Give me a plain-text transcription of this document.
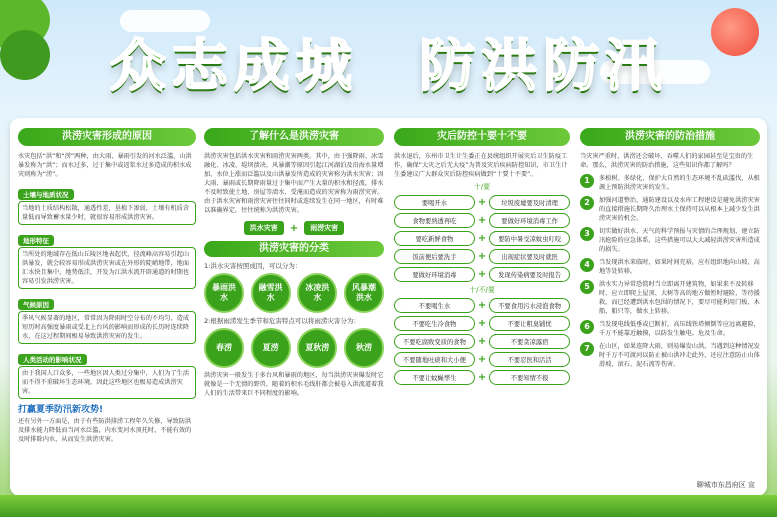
众志成城 防洪防汛
洪涝灾害形成的原因
水灾包括“洪”和“涝”两种，由大雨、暴雨引发的河水泛滥、山洪暴发称为“洪”；而水过多，过于集中或返浆水过多造成的积水成灾则称为“涝”。
土壤与地质状况
当地的土质结构松散，通透性差，垦植下渗弱，土壤有机质含量低而导致蓄水量少时，就很容易形成洪涝灾害。
地形特征
当所处的地域存在低山丘陵区地表起伏，径流峰高容易引起山洪暴发，就会较容易形成洪涝灾害或在外形的陡峭地带，地面汇水快且集中，地势低洼，开发为江洪水流开辟通道的时期也容易引发洪涝灾害。
气候原因
季风气候显著的地区，常常因为降雨时空分布的不均匀，造成短历时高强度暴雨或受北上台风的影响而形成的长历时连续降水，在这过程期间极易导致洪涝灾害的发生。
人类活动的影响状况
由于我国人口众多，一些地区因人类过分集中，人们为了生活而不得不重破坏生态环境，因此这些地区也极易造成洪涝灾害。
打赢夏季防汛新攻势!
还有另外一方面是，由于有些防洪排涝工程年久失修，导致防洪及排水能力降低而当河水泛滥，内水变河水顶托时，不能有效的及时排除内水，从而发生洪涝灾害。
了解什么是洪涝灾害
洪涝灾害包括洪水灾害和雨涝灾害两类。其中，由于强降雨、冰雪融化、冰凌、堤坝溃决、风暴潮等原因引起江河湖泊及沿海水量增加、水位上涨而泛滥以及山洪暴发所造成的灾害称为洪水灾害；因大雨、暴雨或长期降雨量过于集中而产生大量的积水和径流，排水不及时致使土地、房屋等渍水、受淹而造成的灾害称为雨涝灾害。由于洪水灾害和雨涝灾害往往同时或连续发生在同一地区，有时难以准确界定，往往统称为洪涝灾害。
洪水灾害	+	雨涝灾害
洪涝灾害的分类
1:洪水灾害按照成因，可以分为：
暴雨洪水
融雪洪水
冰凌洪水
风暴潮洪水
2:根据雨涝发生季节和危害特点可以将雨涝灾害分为：
春涝	夏涝	夏秋涝	秋涝
洪涝灾害一般发生于多台风和暴雨的地区，每当洪涝灾害爆发时它就像是一个无情的野兽，随着的积水毛线肝都会被卷入洪流道着我人们的生活带来巨不同程度的影响。
灾后防控十要十不要
洪水退后，东州市卫生计生委正在县统组织开展灾后卫生防疫工作，确保“大灾之后无大疫”为普及灾后疾病防控知识，市卫生计生委建议广大群众灾后防控疾病做到“十要十不要”。
十/要
要喝开水	+	垃圾废墟要及时清理
食物要熟透再吃	+	要做好环境消毒工作
要吃新鲜食物	+	要防中暑受凉蚊虫叮咬
饭前便后要洗手	+	出现症状要及时就医
要做好环境消毒	+	发现传染病要及时报告
十/不/要
不要喝生水	+	不要食用污水浸泡食物
不要吃生冷食物	+	不要让粗臭铺忧
不要吃腐败变质的食物	+	不要贪凉露宿
不要随地吐痰和大小便	+	不要忍医和活活
不要让蚊蝇孳生	+	不要知情不报
洪涝灾害的防治措施
当灾害严重时，洪涝还会破坏、吞噬人们的家园甚至是宝贵的生命。那么，洪涝灾害的防治措施，这些知识你都了解吗？
1	多植树、多绿化，保护大自然的生态环境不乱砍滥伐，从根源上预防洪涝灾害的发生。
2	加强河道整治，通防建设以及水库工程建设是避免洪涝灾害的直接措施长期降久治理水土保持可以从根本上减少发生洪涝灾害的机会。
3	切实做好洪水、天气的科学预报与灾情的合理规划，建立防汛抢险的应急体系，这些措施可以大大减轻洪涝灾害所造成的损失。
4	当发现洪水来临时，如果时间充裕，应有组织地向山坡、高地等处转移。
5	洪水实力异常恐慌时当立即离开建筑物，如果来不及转移时，应立即爬上屋顶、大树等高的地方做暂时避险，等待援救，而已经遭到洪水包围的情况下，要尽可能利用门板、木船、船只等，做水上转移。
6	当发现电线低垂或已断折，高压线铁塔倾倒等应远离避险，千万不能靠近触摸，以防发生触电。危及生命。
7	在山区，如果连降大雨，则易爆发山洪，当遇到这种情况发时千万不可渡河以防止被山洪冲走此外，还应注意防止山体滑坡、滚石、泥石流等伤害。
聊城市东昌府区 宣
